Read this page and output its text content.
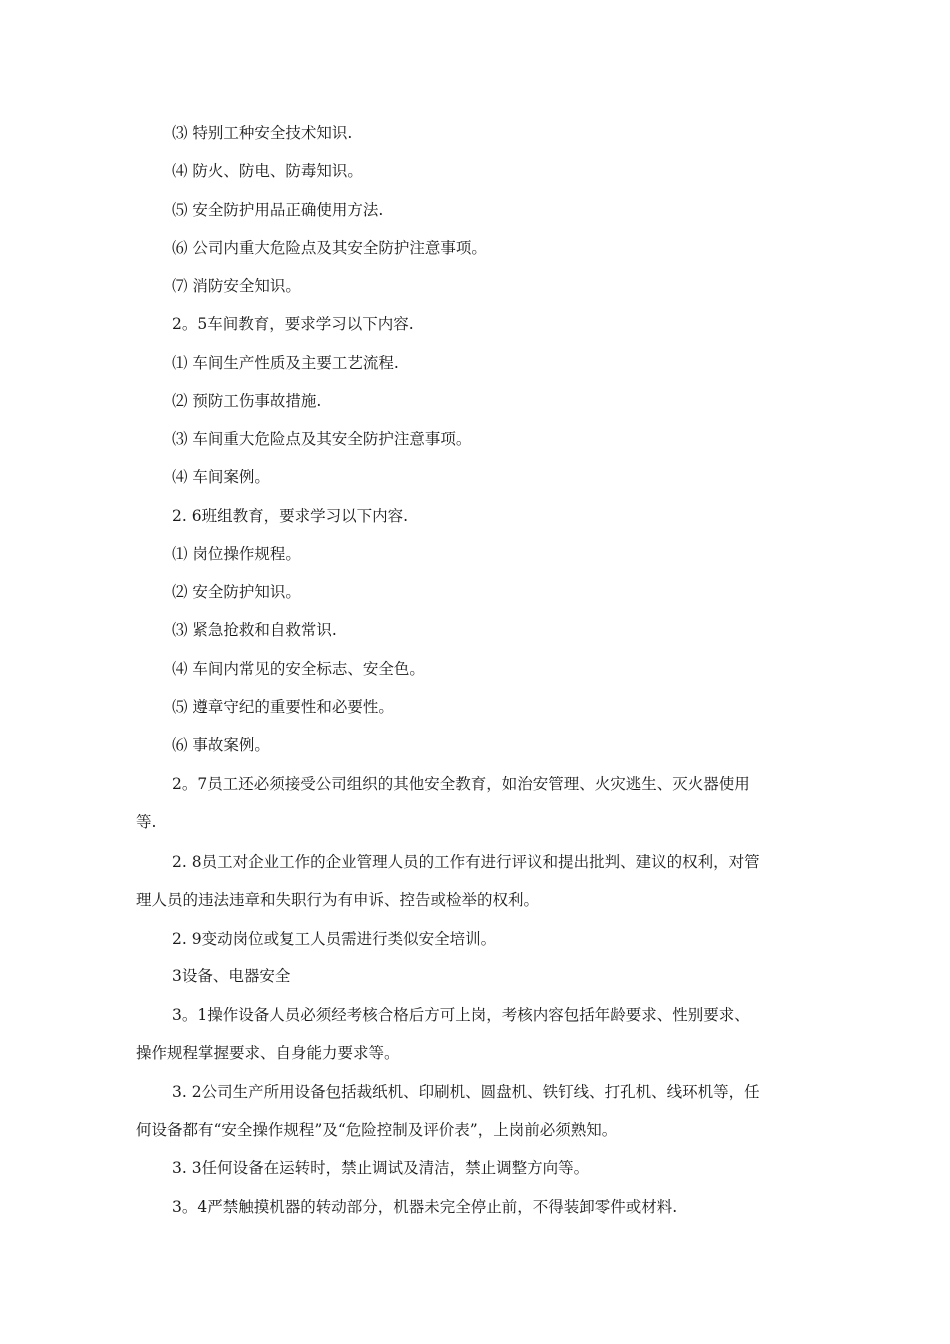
⑶ 特别工种安全技术知识.
⑷ 防火、防电、防毒知识。
⑸ 安全防护用品正确使用方法.
⑹ 公司内重大危险点及其安全防护注意事项。
⑺ 消防安全知识。
2。5车间教育，要求学习以下内容.
⑴ 车间生产性质及主要工艺流程.
⑵ 预防工伤事故措施.
⑶ 车间重大危险点及其安全防护注意事项。
⑷ 车间案例。
2. 6班组教育，要求学习以下内容.
⑴ 岗位操作规程。
⑵ 安全防护知识。
⑶ 紧急抢救和自救常识.
⑷ 车间内常见的安全标志、安全色。
⑸ 遵章守纪的重要性和必要性。
⑹ 事故案例。
2。7员工还必须接受公司组织的其他安全教育，如治安管理、火灾逃生、灭火器使用
等.
2. 8员工对企业工作的企业管理人员的工作有进行评议和提出批判、建议的权利，对管
理人员的违法违章和失职行为有申诉、控告或检举的权利。
2. 9变动岗位或复工人员需进行类似安全培训。
3设备、电器安全
3。1操作设备人员必须经考核合格后方可上岗，考核内容包括年龄要求、性别要求、
操作规程掌握要求、自身能力要求等。
3. 2公司生产所用设备包括裁纸机、印刷机、圆盘机、铁钉线、打孔机、线环机等，任
何设备都有“安全操作规程”及“危险控制及评价表”，上岗前必须熟知。
3. 3任何设备在运转时，禁止调试及清洁，禁止调整方向等。
3。4严禁触摸机器的转动部分，机器未完全停止前，不得装卸零件或材料.
